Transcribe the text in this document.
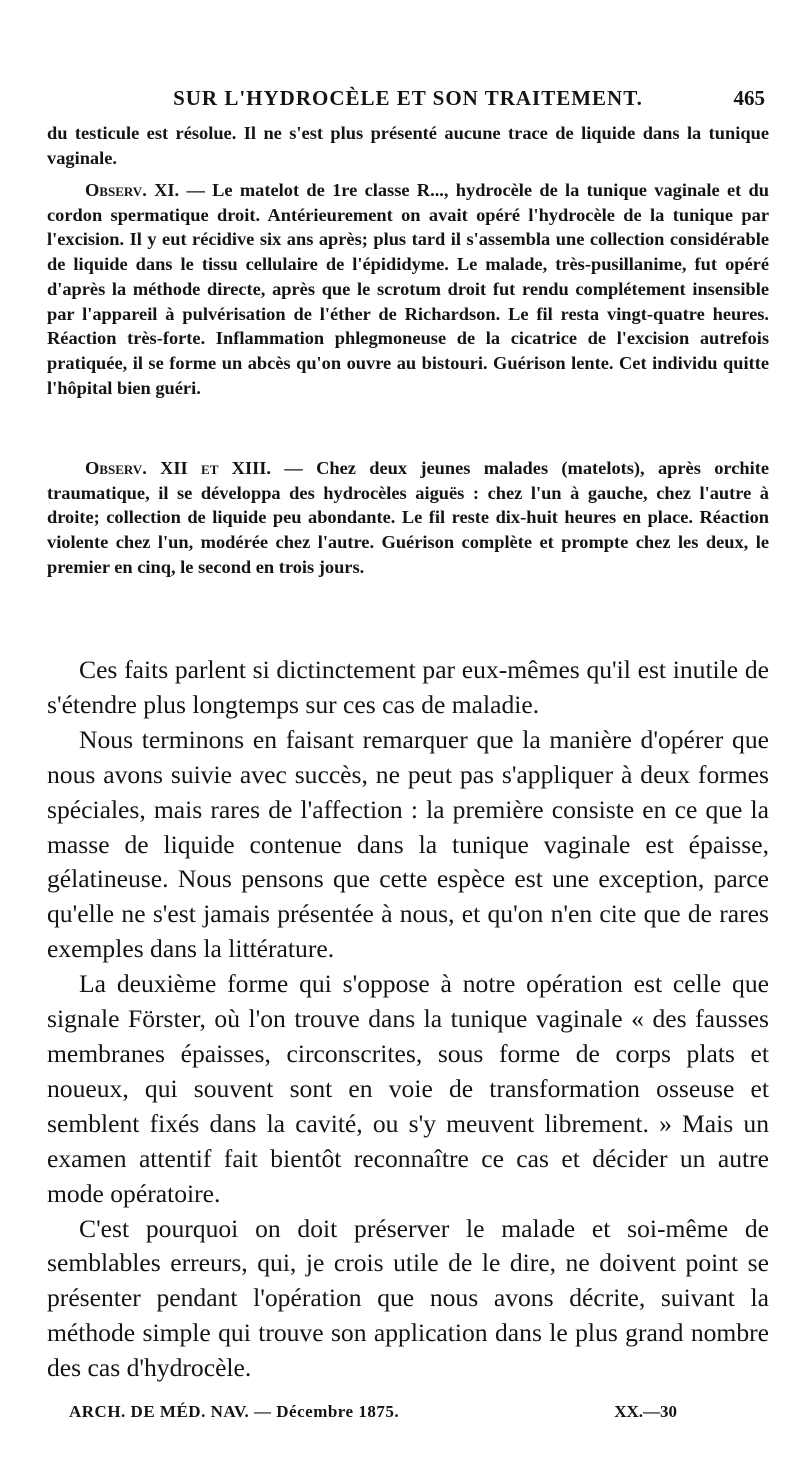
SUR L'HYDROCÈLE ET SON TRAITEMENT.	465

du testicule est résolue. Il ne s'est plus présenté aucune trace de liquide dans la tunique vaginale.

Observ. XI. — Le matelot de 1re classe R..., hydrocèle de la tunique vaginale et du cordon spermatique droit. Antérieurement on avait opéré l'hydrocèle de la tunique par l'excision. Il y eut récidive six ans après; plus tard il s'assembla une collection considérable de liquide dans le tissu cellulaire de l'épididyme. Le malade, très-pusillanime, fut opéré d'après la méthode directe, après que le scrotum droit fut rendu complétement insensible par l'appareil à pulvérisation de l'éther de Richardson. Le fil resta vingt-quatre heures. Réaction très-forte. Inflammation phlegmoneuse de la cicatrice de l'excision autrefois pratiquée, il se forme un abcès qu'on ouvre au bistouri. Guérison lente. Cet individu quitte l'hôpital bien guéri.

Observ. XII et XIII. — Chez deux jeunes malades (matelots), après orchite traumatique, il se développa des hydrocèles aiguës : chez l'un à gauche, chez l'autre à droite; collection de liquide peu abondante. Le fil reste dix-huit heures en place. Réaction violente chez l'un, modérée chez l'autre. Guérison complète et prompte chez les deux, le premier en cinq, le second en trois jours.

Ces faits parlent si dictinctement par eux-mêmes qu'il est inutile de s'étendre plus longtemps sur ces cas de maladie.

Nous terminons en faisant remarquer que la manière d'opérer que nous avons suivie avec succès, ne peut pas s'appliquer à deux formes spéciales, mais rares de l'affection : la première consiste en ce que la masse de liquide contenue dans la tunique vaginale est épaisse, gélatineuse. Nous pensons que cette espèce est une exception, parce qu'elle ne s'est jamais présentée à nous, et qu'on n'en cite que de rares exemples dans la littérature.

La deuxième forme qui s'oppose à notre opération est celle que signale Förster, où l'on trouve dans la tunique vaginale « des fausses membranes épaisses, circonscrites, sous forme de corps plats et noueux, qui souvent sont en voie de transformation osseuse et semblent fixés dans la cavité, ou s'y meuvent librement. » Mais un examen attentif fait bientôt reconnaître ce cas et décider un autre mode opératoire.

C'est pourquoi on doit préserver le malade et soi-même de semblables erreurs, qui, je crois utile de le dire, ne doivent point se présenter pendant l'opération que nous avons décrite, suivant la méthode simple qui trouve son application dans le plus grand nombre des cas d'hydrocèle.

ARCH. DE MÉD. NAV. — Décembre 1875.	XX.—30
